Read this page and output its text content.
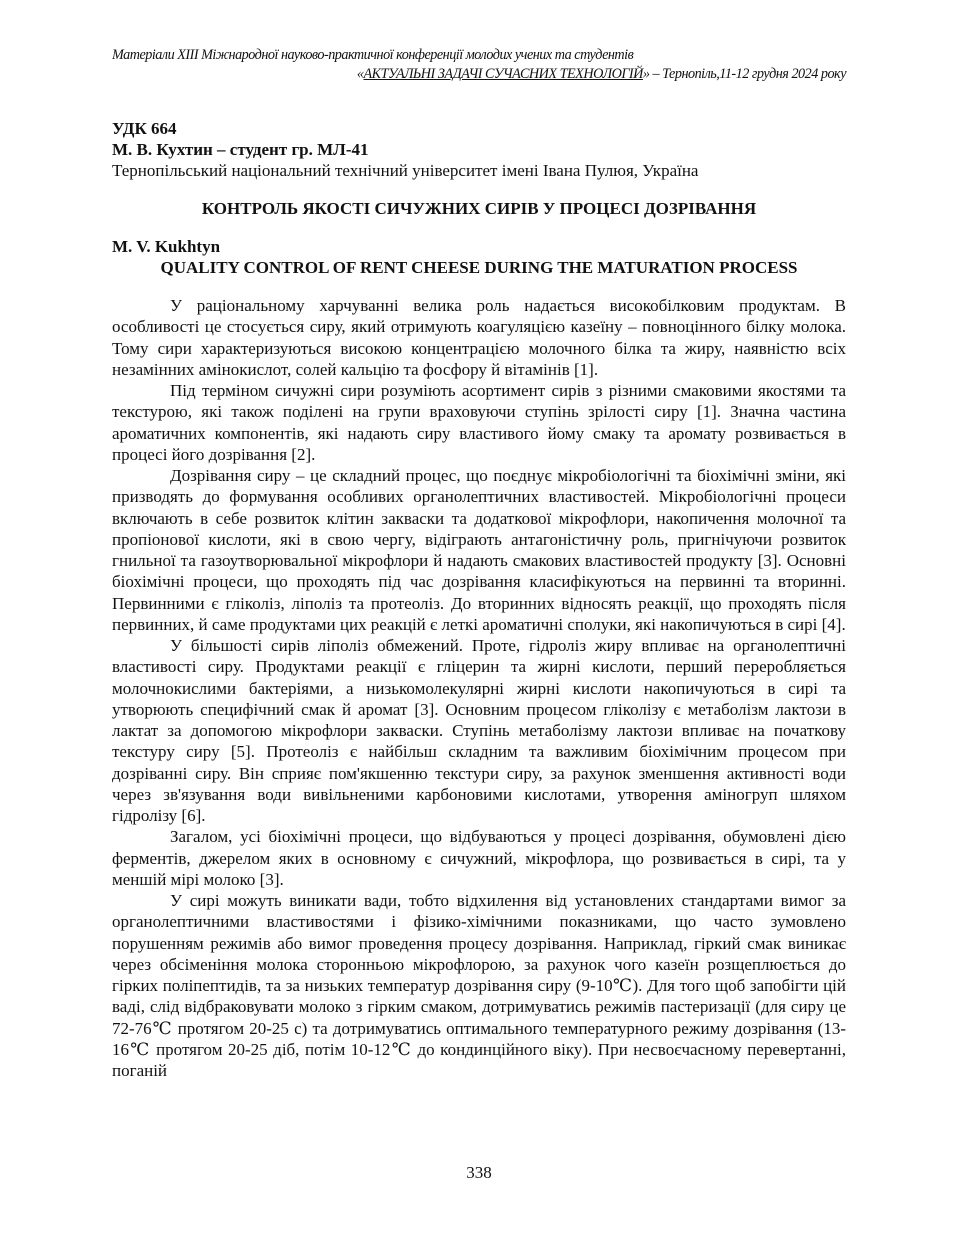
Матеріали XIII Міжнародної науково-практичної конференції молодих учених та студентів
«АКТУАЛЬНІ ЗАДАЧІ СУЧАСНИХ ТЕХНОЛОГІЙ» – Тернопіль,11-12 грудня 2024 року
УДК 664
М. В. Кухтин – студент гр. МЛ-41
Тернопільський національний технічний університет імені Івана Пулюя, Україна
КОНТРОЛЬ ЯКОСТІ СИЧУЖНИХ СИРІВ У ПРОЦЕСІ ДОЗРІВАННЯ
M. V. Kukhtyn
QUALITY CONTROL OF RENT CHEESE DURING THE MATURATION PROCESS

У раціональному харчуванні велика роль надається високобілковим продуктам. В особливості це стосується сиру, який отримують коагуляцією казеїну – повноцінного білку молока. Тому сири характеризуються високою концентрацією молочного білка та жиру, наявністю всіх незамінних амінокислот, солей кальцію та фосфору й вітамінів [1].

Під терміном сичужні сири розуміють асортимент сирів з різними смаковими якостями та текстурою, які також поділені на групи враховуючи ступінь зрілості сиру [1]. Значна частина ароматичних компонентів, які надають сиру властивого йому смаку та аромату розвивається в процесі його дозрівання [2].

Дозрівання сиру – це складний процес, що поєднує мікробіологічні та біохімічні зміни, які призводять до формування особливих органолептичних властивостей. Мікробіологічні процеси включають в себе розвиток клітин закваски та додаткової мікрофлори, накопичення молочної та пропіонової кислоти, які в свою чергу, відіграють антагоністичну роль, пригнічуючи розвиток гнильної та газоутворювальної мікрофлори й надають смакових властивостей продукту [3]. Основні біохімічні процеси, що проходять під час дозрівання класифікуються на первинні та вторинні. Первинними є гліколіз, ліполіз та протеоліз. До вторинних відносять реакції, що проходять після первинних, й саме продуктами цих реакцій є леткі ароматичні сполуки, які накопичуються в сирі [4].

У більшості сирів ліполіз обмежений. Проте, гідроліз жиру впливає на органолептичні властивості сиру. Продуктами реакції є гліцерин та жирні кислоти, перший переробляється молочнокислими бактеріями, а низькомолекулярні жирні кислоти накопичуються в сирі та утворюють специфічний смак й аромат [3]. Основним процесом гліколізу є метаболізм лактози в лактат за допомогою мікрофлори закваски. Ступінь метаболізму лактози впливає на початкову текстуру сиру [5]. Протеоліз є найбільш складним та важливим біохімічним процесом при дозріванні сиру. Він сприяє пом'якшенню текстури сиру, за рахунок зменшення активності води через зв'язування води вивільненими карбоновими кислотами, утворення аміногруп шляхом гідролізу [6].

Загалом, усі біохімічні процеси, що відбуваються у процесі дозрівання, обумовлені дією ферментів, джерелом яких в основному є сичужний, мікрофлора, що розвивається в сирі, та у меншій мірі молоко [3].

У сирі можуть виникати вади, тобто відхилення від установлених стандартами вимог за органолептичними властивостями і фізико-хімічними показниками, що часто зумовлено порушенням режимів або вимог проведення процесу дозрівання. Наприклад, гіркий смак виникає через обсіменіння молока сторонньою мікрофлорою, за рахунок чого казеїн розщеплюється до гірких поліпептидів, та за низьких температур дозрівання сиру (9-10℃). Для того щоб запобігти цій ваді, слід відбраковувати молоко з гірким смаком, дотримуватись режимів пастеризації (для сиру це 72-76℃ протягом 20-25 с) та дотримуватись оптимального температурного режиму дозрівання (13-16℃ протягом 20-25 діб, потім 10-12℃ до кондинційного віку). При несвоєчасному перевертанні, поганій

338
